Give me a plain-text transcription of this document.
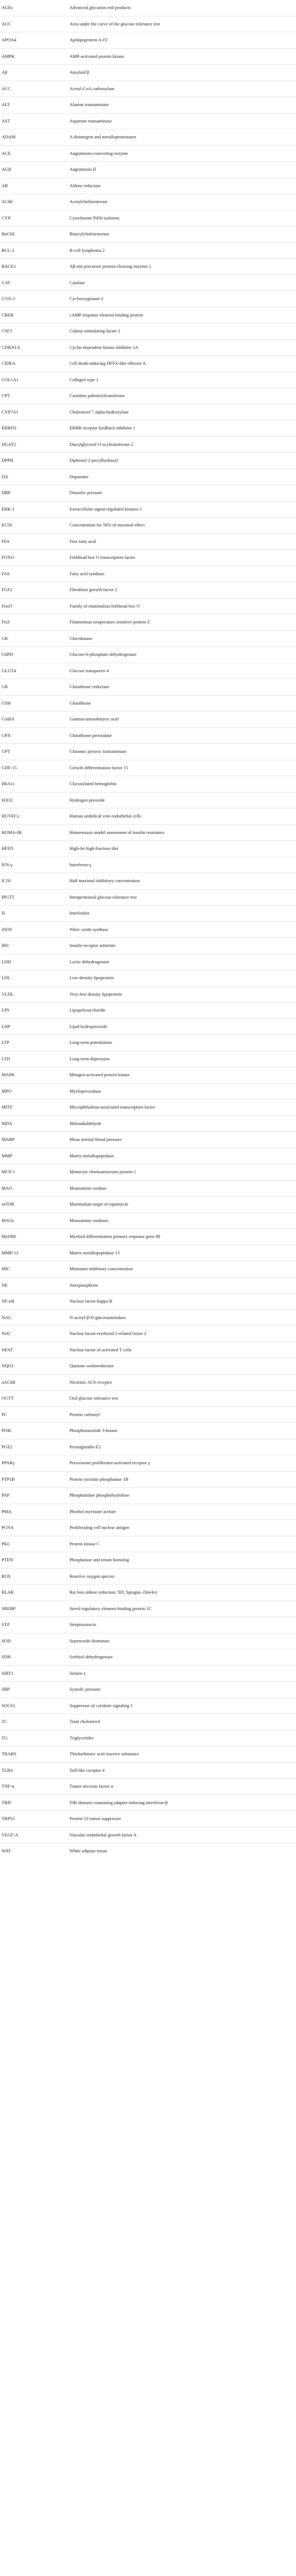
AGEs	Advanced glycation end products
AUC	Area under the curve of the glucose tolerance test
APOA4	Apolipoprotein A-IV
AMPK	AMP-activated protein kinase
Aβ	Amyloid β
ACC	Acetyl-CoA carboxylase
ALT	Alanine transaminase
AST	Aspartate transaminase
ADAM	A disintegrin and metalloproteinases
ACE	Angiotensin-converting enzyme
AGII	Angiotensin II
AR	Aldose reductase
AChE	Acetylcholinesterase
CYP	Cytochrome P450 isoforms
BuChE	Butyrylcholinesterase
BCL-2	B-cell lymphoma 2
BACE1	Aβ-site precursor protein-cleaving enzyme 1
CAT	Catalase
COX-2	Cyclooxygenase-2
CREB	cAMP response element binding protein
CSF3	Colony-stimulating factor 3
CDKN1A	Cyclin-dependent kinase inhibitor 1A
CIDEA	Cell death-inducing DFFA-like effector A
COL1A1	Collagen type 1
CPT	Carnitine palmitoyltransferase
CYP7A1	Cholesterol 7 alpha-hydroxylase
ERRFI1	ERBB receptor feedback inhibitor 1
DGAT2	Diacylglycerol O-acyltransferase 2
DPPH	Diphenyl-2-picrylhydrazyl
DA	Dopamine
DBP	Diastolic pressure
ERK-1	Extracellular signal-regulated kinases-1
EC50	Concentration for 50% of maximal effect
FFA	Free fatty acid
FOXO	Forkhead box O transcription factor
FAS	Fatty acid synthase
FGF2	Fibroblast growth factor 2
FoxO	Family of mammalian forkhead box O
FtsZ	Filamentous temperature sensitive protein Z
GK	Glucokinase
G6PD	Glucose-6-phosphate dehydrogenase
GLUT4	Glucose transporter 4
GR	Glutathione reductase
GSH	Glutathione
GABA	Gamma-aminobutyric acid
GPX	Glutathione peroxidase
GPT	Glutamic pyruvic transaminase
GDF-15	Growth differentiation factor 15
HbA1c	Glycosylated hemoglobin
H2O2	Hydrogen peroxide
HUVECs	Human umbilical vein endothelial cells
HOMA-IR	Homeostasis model assessment of insulin resistance
HFFD	High-fat high-fructose diet
IFN-γ	Interferon-γ
IC50	Half maximal inhibitory concentration
IPGTT	Intraperitoneal glucose tolerance test
IL	Interleukin
iNOS	Nitric oxide synthase
IRS	Insulin receptor substrate
LDH	Lactic dehydrogenase
LDL	Low-density lipoprotein
VLDL	Very-low density lipoprotein
LPS	Lipopolysaccharide
LHP	Lipid hydroperoxide
LTP	Long-term potentiation
LTD	Long-term depression
MAPK	Mitogen-activated protein kinase
MPO	Myeloperoxidase
MITF	Microphthalmia-associated transcription factor
MDA	Malondialdehyde
MABP	Mean arterial blood pressure
MMP	Matrix metallopeptidase
MCP-1	Monocyte chemoattractant protein-1
MAO	Monoamine oxidase
mTOR	Mammalian target of rapamycin
MAOs	Monoamine oxidases
MyD88	Myeloid differentiation primary response gene 88
MMP-13	Matrix metallopeptidase 13
MIC	Minimum inhibitory concentration
NE	Norepinephrine
NF-κB	Nuclear factor-kappa B
NAG	N-acetyl-β-D-glucosaminidase
Nrf2	Nuclear factor-erythroid 2-related factor 2
NFAT	Nuclear factor of activated T cells
NQO1	Quinone oxidoreductase
nAChR	Nicotinic ACh receptor
OGTT	Oral glucose tolerance test
PC	Protein carbonyl
PI3K	Phosphoinositide 3-kinase
PGE2	Prostaglandin E2
PPARγ	Peroxisome proliferator-activated receptor γ
PTP1B	Protein tyrosine phosphatase 1B
PAP	Phosphatidate phosphohydrolase
PMA	Phorbol myristate acetate
PCNA	Proliferating cell nuclear antigen
PKC	Protein kinase C
PTEN	Phosphatase and tensin homolog
ROS	Reactive oxygen species
RLAR	Rat lens aldose reductase; SD, Sprague–Dawley
SREBP	Sterol regulatory element-binding protein 1C
STZ	Streptozotocin
SOD	Superoxide dismutase
SDH	Sorbitol dehydrogenase
SIRT1	Sirtuin-1
SBP	Systolic pressure
SOCS1	Suppressor of cytokine signaling 1
TC	Total cholesterol
TG	Triglycerides
TBARS	Thiobarbituric acid reactive substance
TLR4	Toll-like receptor 4
TNF-α	Tumor necrosis factor α
TRIF	TIR-domain-containing adapter-inducing interferon-β
TRP53	Protein 53 tumor suppressor
VEGF-A	Vascular endothelial growth factor A
WAT	White adipose tissue
